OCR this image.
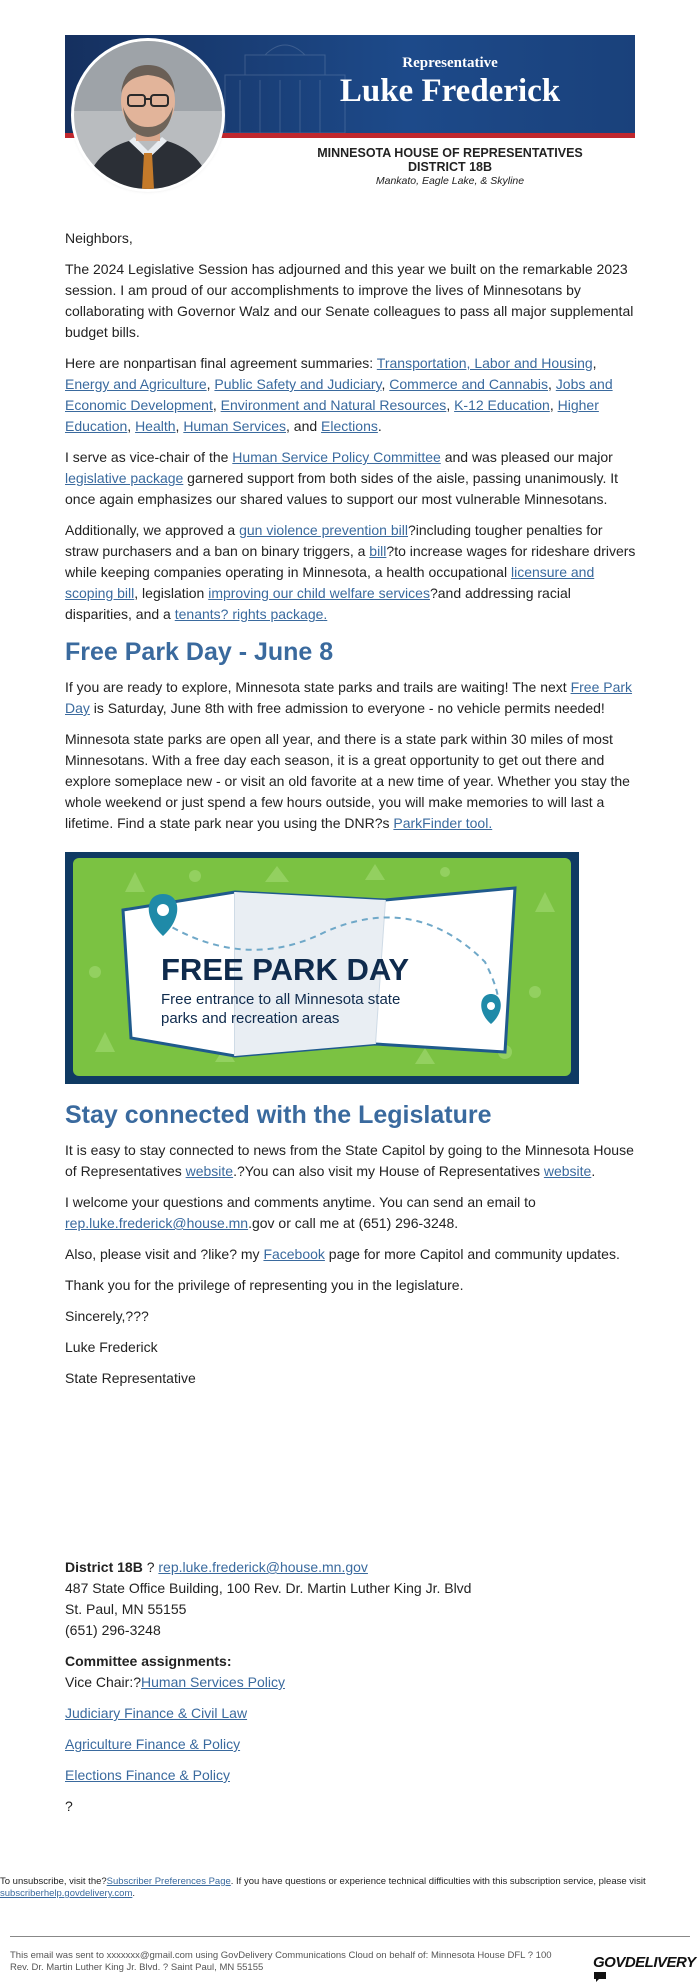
Representative
Luke Frederick
MINNESOTA HOUSE OF REPRESENTATIVES
DISTRICT 18B
Mankato, Eagle Lake, & Skyline

Neighbors,

The 2024 Legislative Session has adjourned and this year we built on the remarkable 2023 session. I am proud of our accomplishments to improve the lives of Minnesotans by collaborating with Governor Walz and our Senate colleagues to pass all major supplemental budget bills.

Here are nonpartisan final agreement summaries: Transportation, Labor and Housing, Energy and Agriculture, Public Safety and Judiciary, Commerce and Cannabis, Jobs and Economic Development, Environment and Natural Resources, K-12 Education, Higher Education, Health, Human Services, and Elections.

I serve as vice-chair of the Human Service Policy Committee and was pleased our major legislative package garnered support from both sides of the aisle, passing unanimously. It once again emphasizes our shared values to support our most vulnerable Minnesotans.

Additionally, we approved a gun violence prevention bill?including tougher penalties for straw purchasers and a ban on binary triggers, a bill?to increase wages for rideshare drivers while keeping companies operating in Minnesota, a health occupational licensure and scoping bill, legislation improving our child welfare services?and addressing racial disparities, and a tenants? rights package.

Free Park Day - June 8

If you are ready to explore, Minnesota state parks and trails are waiting! The next Free Park Day is Saturday, June 8th with free admission to everyone - no vehicle permits needed!

Minnesota state parks are open all year, and there is a state park within 30 miles of most Minnesotans. With a free day each season, it is a great opportunity to get out there and explore someplace new - or visit an old favorite at a new time of year. Whether you stay the whole weekend or just spend a few hours outside, you will make memories to will last a lifetime. Find a state park near you using the DNR?s ParkFinder tool.

FREE PARK DAY
Free entrance to all Minnesota state
parks and recreation areas
Stay connected with the Legislature

It is easy to stay connected to news from the State Capitol by going to the Minnesota House of Representatives website.?You can also visit my House of Representatives website.

I welcome your questions and comments anytime. You can send an email to rep.luke.frederick@house.mn.gov or call me at (651) 296-3248.

Also, please visit and ?like? my Facebook page for more Capitol and community updates.

Thank you for the privilege of representing you in the legislature.

Sincerely,???

Luke Frederick

State Representative

District 18B ? rep.luke.frederick@house.mn.gov
487 State Office Building, 100 Rev. Dr. Martin Luther King Jr. Blvd
St. Paul, MN 55155
(651) 296-3248
Committee assignments:
Vice Chair:?Human Services Policy
Judiciary Finance & Civil Law
Agriculture Finance & Policy
Elections Finance & Policy
?
To unsubscribe, visit the?Subscriber Preferences Page. If you have questions or experience technical difficulties with this subscription service, please visit subscriberhelp.govdelivery.com.
This email was sent to xxxxxxx@gmail.com using GovDelivery Communications Cloud on behalf of: Minnesota House DFL ? 100 Rev. Dr. Martin Luther King Jr. Blvd. ? Saint Paul, MN 55155	GOVDELIVERY
